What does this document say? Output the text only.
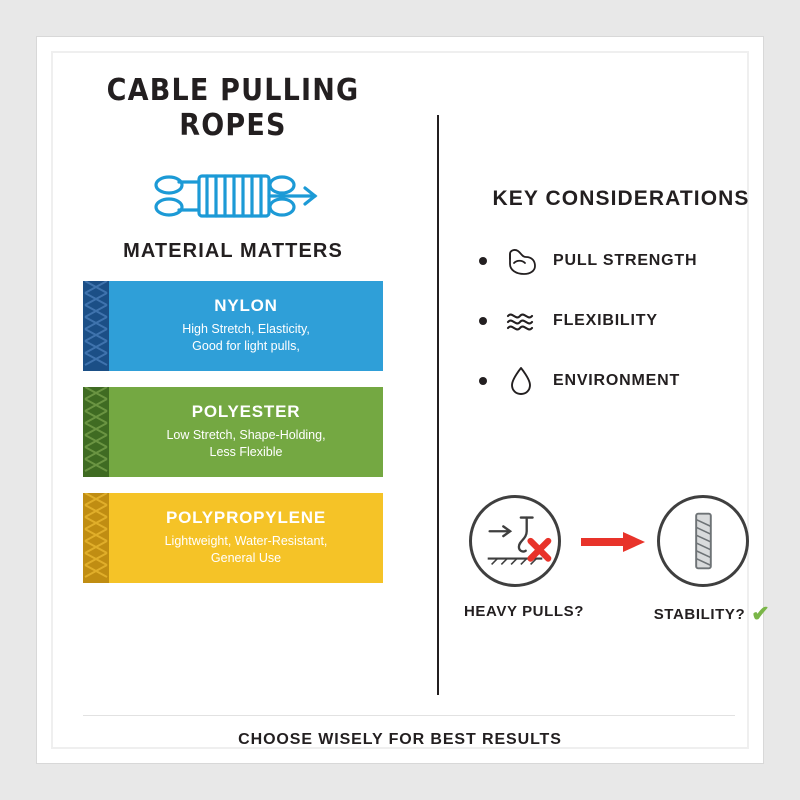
CABLE PULLING ROPES
MATERIAL MATTERS
NYLON
High Stretch, Elasticity,
Good for light pulls,
POLYESTER
Low Stretch, Shape-Holding,
Less Flexible
POLYPROPYLENE
Lightweight, Water-Resistant,
General Use
KEY CONSIDERATIONS
PULL STRENGTH
FLEXIBILITY
ENVIRONMENT
HEAVY PULLS?	STABILITY? ✔
CHOOSE WISELY FOR BEST RESULTS
